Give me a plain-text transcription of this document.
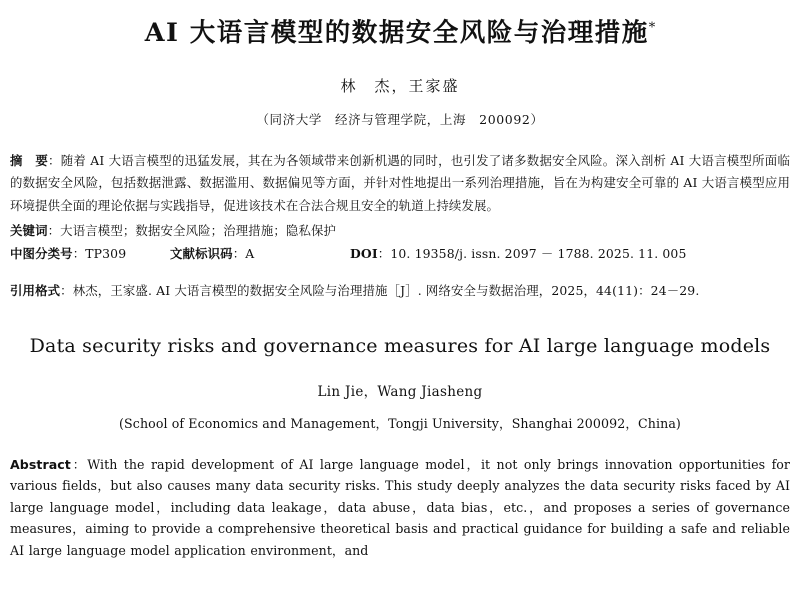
AI 大语言模型的数据安全风险与治理措施*

林　杰，王家盛

（同济大学　经济与管理学院，上海　200092）

摘　要：随着 AI 大语言模型的迅猛发展，其在为各领域带来创新机遇的同时，也引发了诸多数据安全风险。深入剖析 AI 大语言模型所面临的数据安全风险，包括数据泄露、数据滥用、数据偏见等方面，并针对性地提出一系列治理措施，旨在为构建安全可靠的 AI 大语言模型应用环境提供全面的理论依据与实践指导，促进该技术在合法合规且安全的轨道上持续发展。

关键词：大语言模型；数据安全风险；治理措施；隐私保护

中图分类号：TP309	文献标识码：A	DOI：10. 19358/j. issn. 2097 － 1788. 2025. 11. 005

引用格式：林杰，王家盛. AI 大语言模型的数据安全风险与治理措施［J］. 网络安全与数据治理，2025，44(11)：24－29.

Data security risks and governance measures for AI large language models

Lin Jie，Wang Jiasheng

(School of Economics and Management，Tongji University，Shanghai 200092，China)

Abstract：With the rapid development of AI large language model，it not only brings innovation opportunities for various fields，but also causes many data security risks. This study deeply analyzes the data security risks faced by AI large language model，including data leakage，data abuse，data bias，etc.，and proposes a series of governance measures，aiming to provide a comprehensive theoretical basis and practical guidance for building a safe and reliable AI large language model application environment，and
